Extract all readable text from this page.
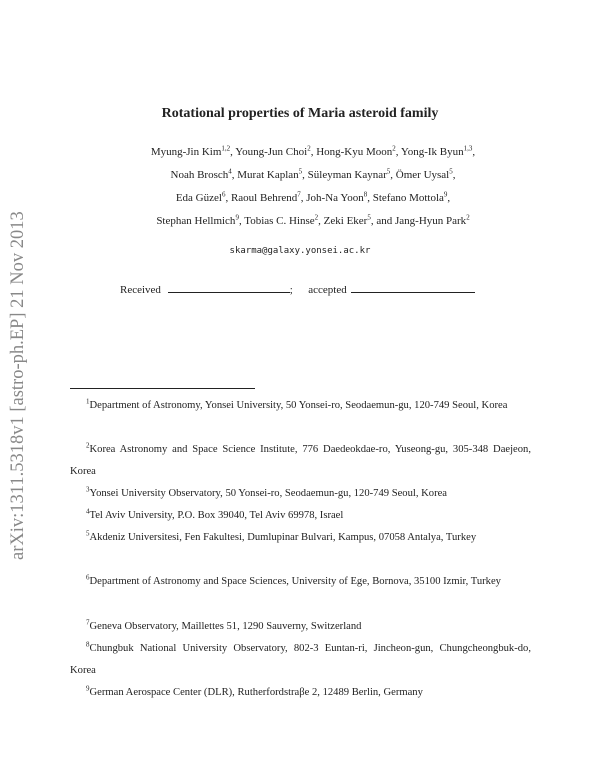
arXiv:1311.5318v1 [astro-ph.EP] 21 Nov 2013
Rotational properties of Maria asteroid family
Myung-Jin Kim$^{1,2}$, Young-Jun Choi$^2$, Hong-Kyu Moon$^2$, Yong-Ik Byun$^{1,3}$,
Noah Brosch$^4$, Murat Kaplan$^5$, Süleyman Kaynar$^5$, Ömer Uysal$^5$,
Eda Güzel$^6$, Raoul Behrend$^7$, Joh-Na Yoon$^8$, Stefano Mottola$^9$,
Stephan Hellmich$^9$, Tobias C. Hinse$^2$, Zeki Eker$^5$, and Jang-Hyun Park$^2$
skarma@galaxy.yonsei.ac.kr
Received	; accepted
$^1$Department of Astronomy, Yonsei University, 50 Yonsei-ro, Seodaemun-gu, 120-749 Seoul, Korea
$^2$Korea Astronomy and Space Science Institute, 776 Daedeokdae-ro, Yuseong-gu, 305-348 Daejeon, Korea
$^3$Yonsei University Observatory, 50 Yonsei-ro, Seodaemun-gu, 120-749 Seoul, Korea
$^4$Tel Aviv University, P.O. Box 39040, Tel Aviv 69978, Israel
$^5$Akdeniz Universitesi, Fen Fakultesi, Dumlupinar Bulvari, Kampus, 07058 Antalya, Turkey
$^6$Department of Astronomy and Space Sciences, University of Ege, Bornova, 35100 Izmir, Turkey
$^7$Geneva Observatory, Maillettes 51, 1290 Sauverny, Switzerland
$^8$Chungbuk National University Observatory, 802-3 Euntan-ri, Jincheon-gun, Chungcheongbuk-do, Korea
$^9$German Aerospace Center (DLR), Rutherfordstraβe 2, 12489 Berlin, Germany
